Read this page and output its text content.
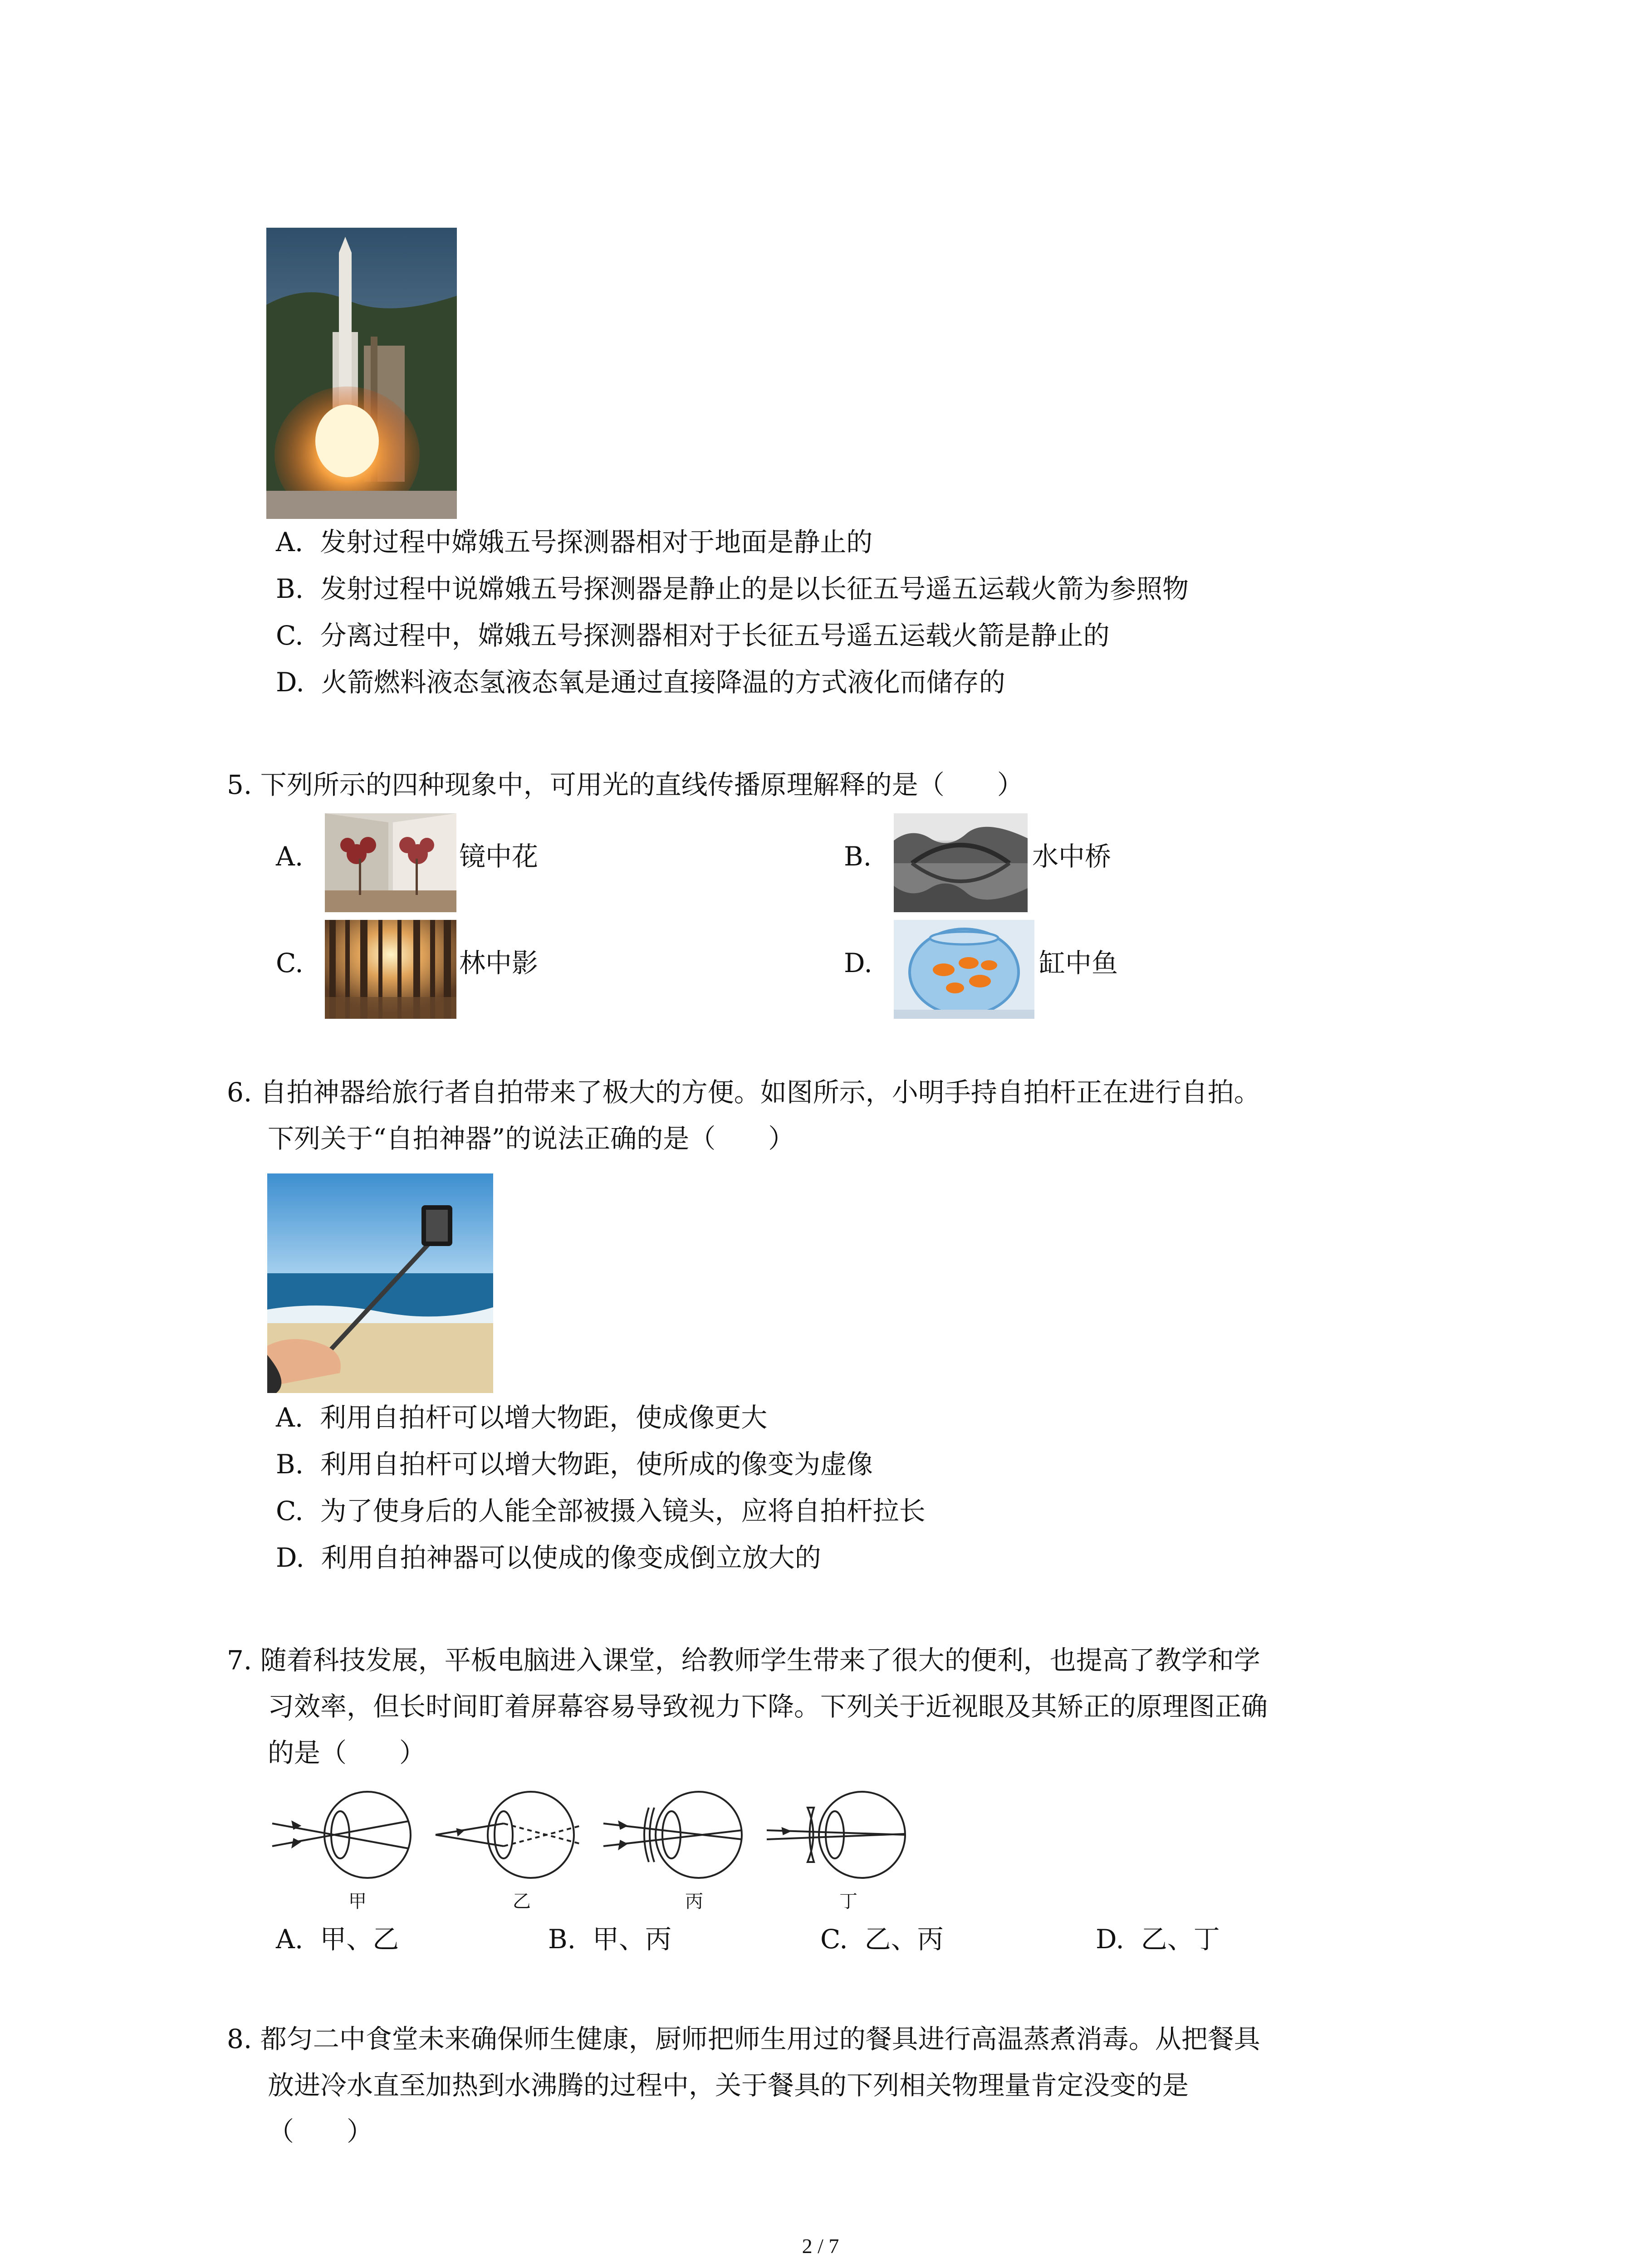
A. 发射过程中嫦娥五号探测器相对于地面是静止的
B. 发射过程中说嫦娥五号探测器是静止的是以长征五号遥五运载火箭为参照物
C. 分离过程中，嫦娥五号探测器相对于长征五号遥五运载火箭是静止的
D. 火箭燃料液态氢液态氧是通过直接降温的方式液化而储存的
5. 下列所示的四种现象中，可用光的直线传播原理解释的是（　　）
A.	镜中花	B.	水中桥
C.	林中影	D.	缸中鱼
6. 自拍神器给旅行者自拍带来了极大的方便。如图所示，小明手持自拍杆正在进行自拍。
下列关于“自拍神器”的说法正确的是（　　）
A. 利用自拍杆可以增大物距，使成像更大
B. 利用自拍杆可以增大物距，使所成的像变为虚像
C. 为了使身后的人能全部被摄入镜头，应将自拍杆拉长
D. 利用自拍神器可以使成的像变成倒立放大的
7. 随着科技发展，平板电脑进入课堂，给教师学生带来了很大的便利，也提高了教学和学
习效率，但长时间盯着屏幕容易导致视力下降。下列关于近视眼及其矫正的原理图正确
的是（　　）
甲	乙	丙	丁
A. 甲、乙	B. 甲、丙	C. 乙、丙	D. 乙、丁
8. 都匀二中食堂未来确保师生健康，厨师把师生用过的餐具进行高温蒸煮消毒。从把餐具
放进冷水直至加热到水沸腾的过程中，关于餐具的下列相关物理量肯定没变的是
（　　）
2 / 7
